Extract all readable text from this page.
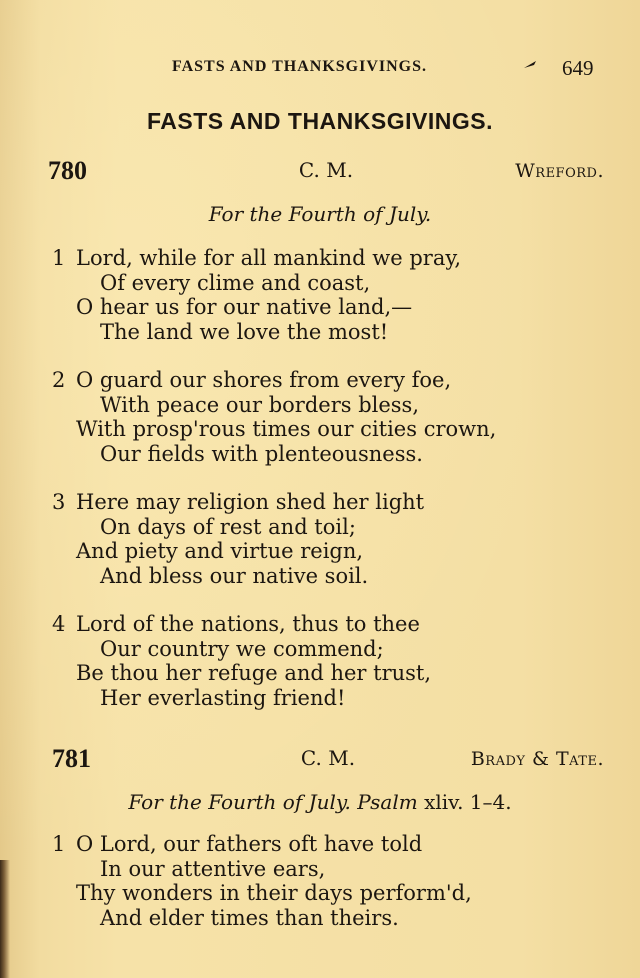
FASTS AND THANKSGIVINGS.	649
FASTS AND THANKSGIVINGS.
780	C. M.	Wreford.
For the Fourth of July.
1 Lord, while for all mankind we pray,
Of every clime and coast,
O hear us for our native land,—
The land we love the most!
2 O guard our shores from every foe,
With peace our borders bless,
With prosp'rous times our cities crown,
Our fields with plenteousness.
3 Here may religion shed her light
On days of rest and toil;
And piety and virtue reign,
And bless our native soil.
4 Lord of the nations, thus to thee
Our country we commend;
Be thou her refuge and her trust,
Her everlasting friend!
781	C. M.	Brady & Tate.
For the Fourth of July. Psalm xliv. 1–4.
1 O Lord, our fathers oft have told
In our attentive ears,
Thy wonders in their days perform'd,
And elder times than theirs.
